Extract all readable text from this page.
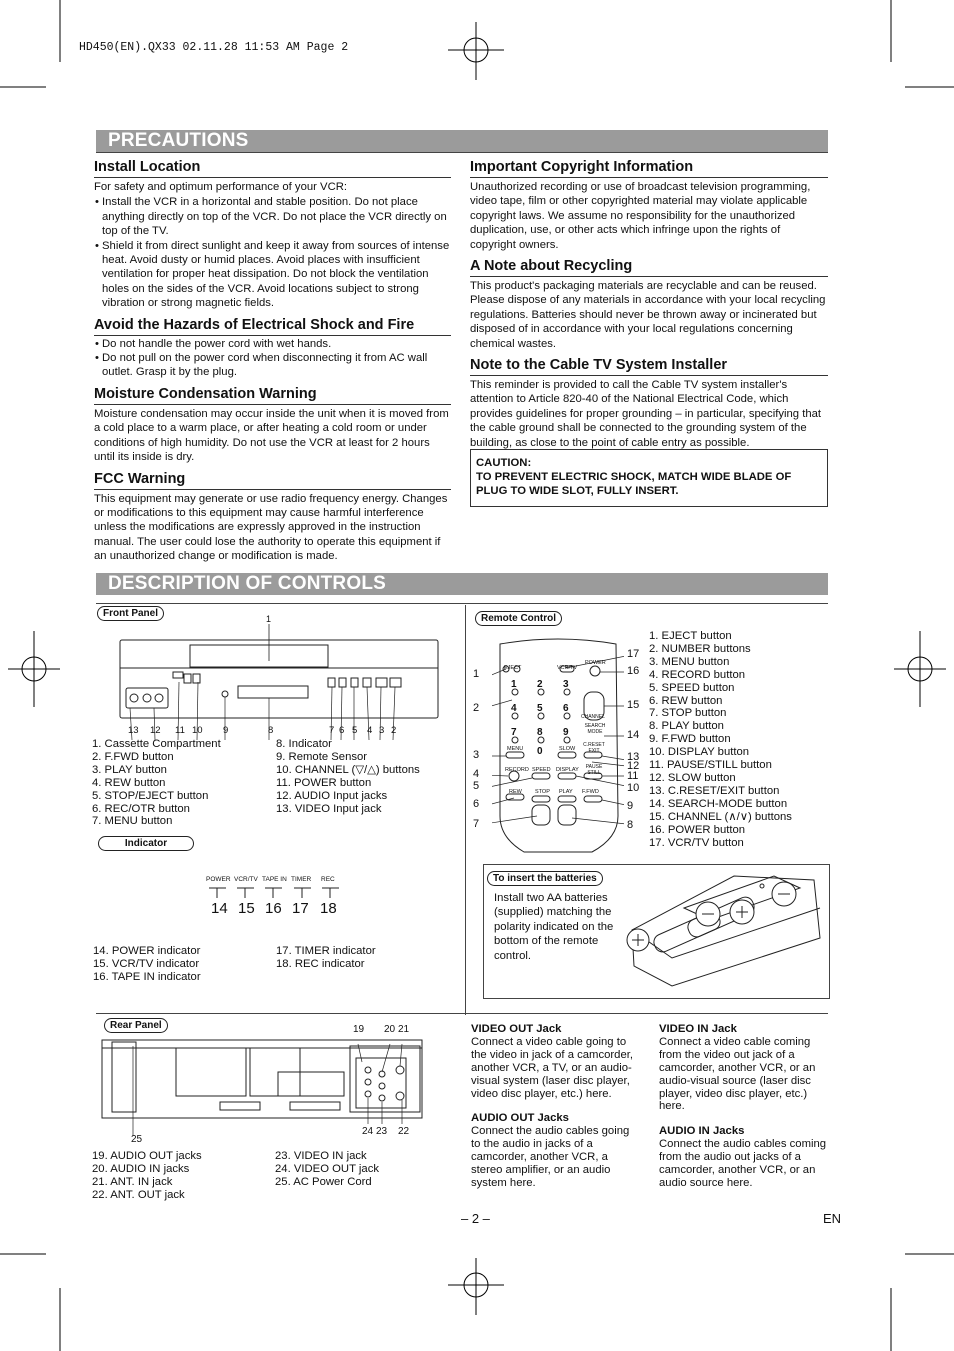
HD450(EN).QX33 02.11.28 11:53 AM Page 2
PRECAUTIONS
Install Location

For safety and optimum performance of your VCR:

• Install the VCR in a horizontal and stable position. Do not place anything directly on top of the VCR. Do not place the VCR directly on top of the TV.
• Shield it from direct sunlight and keep it away from sources of intense heat. Avoid dusty or humid places. Avoid places with insufficient ventilation for proper heat dissipation. Do not block the ventilation holes on the sides of the VCR. Avoid locations subject to strong vibration or strong magnetic fields.
Avoid the Hazards of Electrical Shock and Fire
• Do not handle the power cord with wet hands.
• Do not pull on the power cord when disconnecting it from AC wall outlet. Grasp it by the plug.
Moisture Condensation Warning

Moisture condensation may occur inside the unit when it is moved from a cold place to a warm place, or after heating a cold room or under conditions of high humidity. Do not use the VCR at least for 2 hours until its inside is dry.

FCC Warning

This equipment may generate or use radio frequency energy. Changes or modifications to this equipment may cause harmful interference unless the modifications are expressly approved in the instruction manual. The user could lose the authority to operate this equipment if an unauthorized change or modification is made.

Important Copyright Information

Unauthorized recording or use of broadcast television programming, video tape, film or other copyrighted material may violate applicable copyright laws. We assume no responsibility for the unauthorized duplication, use, or other acts which infringe upon the rights of copyright owners.

A Note about Recycling

This product's packaging materials are recyclable and can be reused. Please dispose of any materials in accordance with your local recycling regulations. Batteries should never be thrown away or incinerated but disposed of in accordance with your local regulations concerning chemical wastes.

Note to the Cable TV System Installer

This reminder is provided to call the Cable TV system installer's attention to Article 820-40 of the National Electrical Code, which provides guidelines for proper grounding – in particular, specifying that the cable ground shall be connected to the grounding system of the building, as close to the point of cable entry as possible.

CAUTION:
TO PREVENT ELECTRIC SHOCK, MATCH WIDE BLADE OF PLUG TO WIDE SLOT, FULLY INSERT.
DESCRIPTION OF CONTROLS
Front Panel	1
13 12 11 10 9	8	7 6 5 4 3 2
1. Cassette Compartment
2. F.FWD button
3. PLAY button
4. REW button
5. STOP/EJECT button
6. REC/OTR button
7. MENU button
8. Indicator
9. Remote Sensor
10. CHANNEL (▽/△) buttons
11. POWER button
12. AUDIO Input jacks
13. VIDEO Input jack
Indicator
POWER VCR/TV TAPE IN TIMER REC
14 15 16 17 18
14. POWER indicator
15. VCR/TV indicator
16. TAPE IN indicator
17. TIMER indicator
18. REC indicator
Remote Control
EJECT	VCR/TV
POWER
CHANNEL
SEARCH MODE
MENU	SLOW
C.RESET EXIT
RECORD SPEED DISPLAY	PAUSE STILL
REW STOP PLAY F.FWD
1 2 3
4 5 6
7 8 9
0
1
2
3
4
5
6
7
17
16
15
14
13
12
11
10
9
8
1. EJECT button
2. NUMBER buttons
3. MENU button
4. RECORD button
5. SPEED button
6. REW button
7. STOP button
8. PLAY button
9. F.FWD button
10. DISPLAY button
11. PAUSE/STILL button
12. SLOW button
13. C.RESET/EXIT button
14. SEARCH-MODE button
15. CHANNEL (∧/∨) buttons
16. POWER button
17. VCR/TV button
To insert the batteries
Install two AA batteries (supplied) matching the polarity indicated on the bottom of the remote control.
Rear Panel	19 20 21
24 23 22
25
19. AUDIO OUT jacks
20. AUDIO IN jacks
21. ANT. IN jack
22. ANT. OUT jack
23. VIDEO IN jack
24. VIDEO OUT jack
25. AC Power Cord

VIDEO OUT Jack
Connect a video cable going to the video in jack of a camcorder, another VCR, a TV, or an audio-visual system (laser disc player, video disc player, etc.) here.

AUDIO OUT Jacks
Connect the audio cables going to the audio in jacks of a camcorder, another VCR, a stereo amplifier, or an audio system here.

VIDEO IN Jack
Connect a video cable coming from the video out jack of a camcorder, another VCR, or an audio-visual source (laser disc player, video disc player, etc.) here.

AUDIO IN Jacks
Connect the audio cables coming from the audio out jacks of a camcorder, another VCR, or an audio source here.

– 2 –	EN
